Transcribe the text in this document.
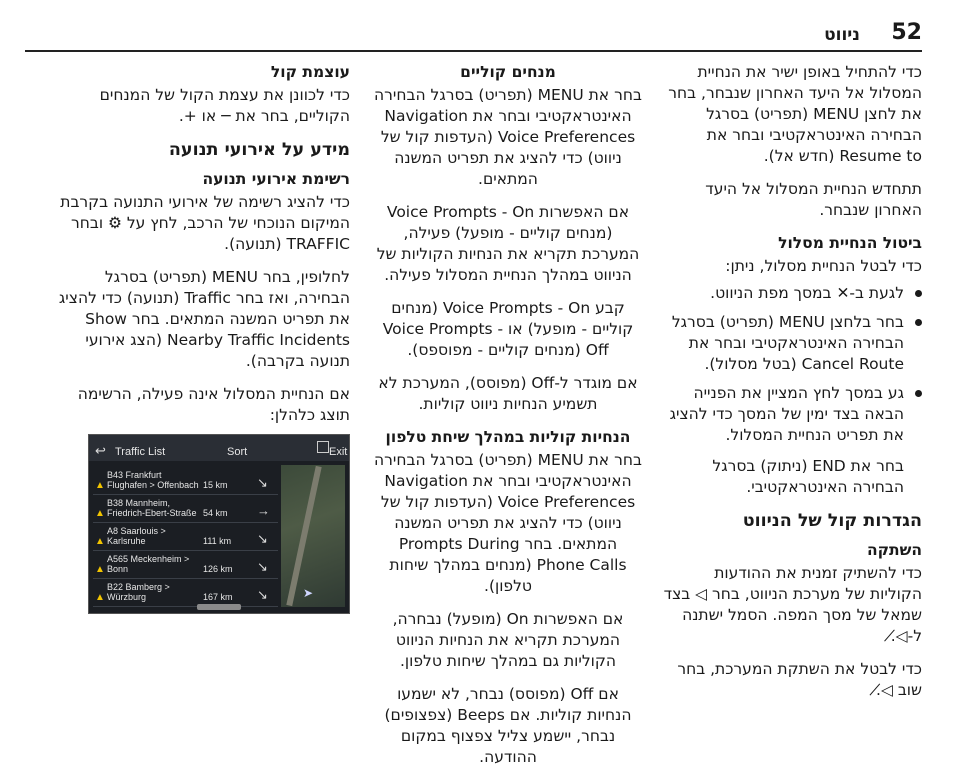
52
ניווט

כדי להתחיל באופן ישיר את הנחיית המסלול אל היעד האחרון שנבחר, בחר את לחצן MENU (תפריט) בסרגל הבחירה האינטראקטיבי ובחר את Resume to (חדש אל).

תתחדש הנחיית המסלול אל היעד האחרון שנבחר.

ביטול הנחיית מסלול

כדי לבטל הנחיית מסלול, ניתן:

לגעת ב-✕ במסך מפת הניווט.
בחר בלחצן MENU (תפריט) בסרגל הבחירה האינטראקטיבי ובחר את Cancel Route (בטל מסלול).
גע במסך לחץ המציין את הפנייה הבאה בצד ימין של המסך כדי להציג את תפריט הנחיית המסלול.

בחר את END (ניתוק) בסרגל הבחירה האינטראקטיבי.

הגדרות קול של הניווט
השתקה

כדי להשתיק זמנית את ההודעות הקוליות של מערכת הניווט, בחר ◁ בצד שמאל של מסך המפה. הסמל ישתנה ל-◁̸.

כדי לבטל את השתקת המערכת, בחר שוב ◁̸.

מנחים קוליים

בחר את MENU (תפריט) בסרגל הבחירה האינטראקטיבי ובחר את Navigation Voice Preferences (העדפות קול של ניווט) כדי להציג את תפריט המשנה המתאים.

אם האפשרות Voice Prompts - On (מנחים קוליים - מופעל) פעילה, המערכת תקריא את הנחיות הקוליות של הניווט במהלך הנחיית המסלול פעילה.

קבע Voice Prompts - On (מנחים קוליים - מופעל) או Voice Prompts - Off (מנחים קוליים - מפוספס).

אם מוגדר ל-Off (מפוסס), המערכת לא תשמיע הנחיות ניווט קוליות.

הנחיות קוליות במהלך שיחת טלפון

בחר את MENU (תפריט) בסרגל הבחירה האינטראקטיבי ובחר את Navigation Voice Preferences (העדפות קול של ניווט) כדי להציג את תפריט המשנה המתאים. בחר Prompts During Phone Calls (מנחים במהלך שיחות טלפון).

אם האפשרות On (מופעל) נבחרה, המערכת תקריא את הנחיות הניווט הקוליות גם במהלך שיחות טלפון.

אם Off (מפוסס) נבחר, לא ישמעו הנחיות קוליות. אם Beeps (צפצופים) נבחר, יישמע צליל צפצוף במקום ההודעה.

עוצמת קול

כדי לכוונן את עצמת הקול של המנחים הקוליים, בחר את ─ או +.

מידע על אירועי תנועה
רשימת אירועי תנועה

כדי להציג רשימה של אירועי התנועה בקרבת המיקום הנוכחי של הרכב, לחץ על ⚙ ובחר TRAFFIC (תנועה).

לחלופין, בחר MENU (תפריט) בסרגל הבחירה, ואז בחר Traffic (תנועה) כדי להציג את תפריט המשנה המתאים. בחר Show Nearby Traffic Incidents (הצג אירועי תנועה בקרבה).

אם הנחיית המסלול אינה פעילה, הרשימה תוצג כלהלן:

↩ Traffic List	Sort	Exit
▲
B43 Frankfurt Flughafen > Offenbach 15 km ↘
▲
B38 Mannheim, Friedrich-Ebert-Straße 54 km →
▲
A8 Saarlouis > Karlsruhe	111 km ↘
▲
A565 Meckenheim > Bonn	126 km ↘
▲
B22 Bamberg > Würzburg	167 km ↘	➤
